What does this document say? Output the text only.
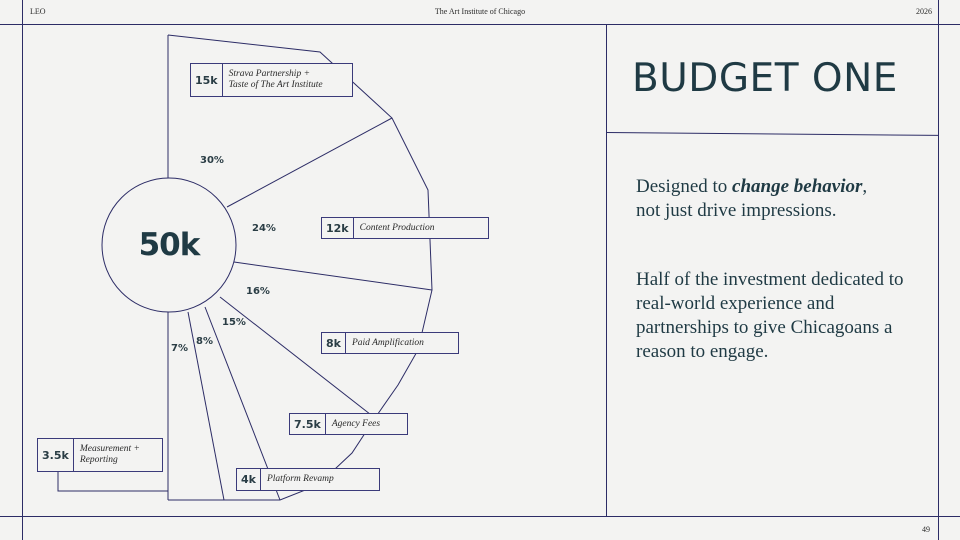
LEO	The Art Institute of Chicago	2026
49
50k
30%
24%
16%
15%
8%
7%
15k	Strava Partnership +
Taste of The Art Institute
12k	Content Production
8k	Paid Amplification
7.5k	Agency Fees
4k	Platform Revamp
3.5k	Measurement +
Reporting
BUDGET ONE
Designed to change behavior,
not just drive impressions.
Half of the investment dedicated to real-world experience and partnerships to give Chicagoans a reason to engage.
